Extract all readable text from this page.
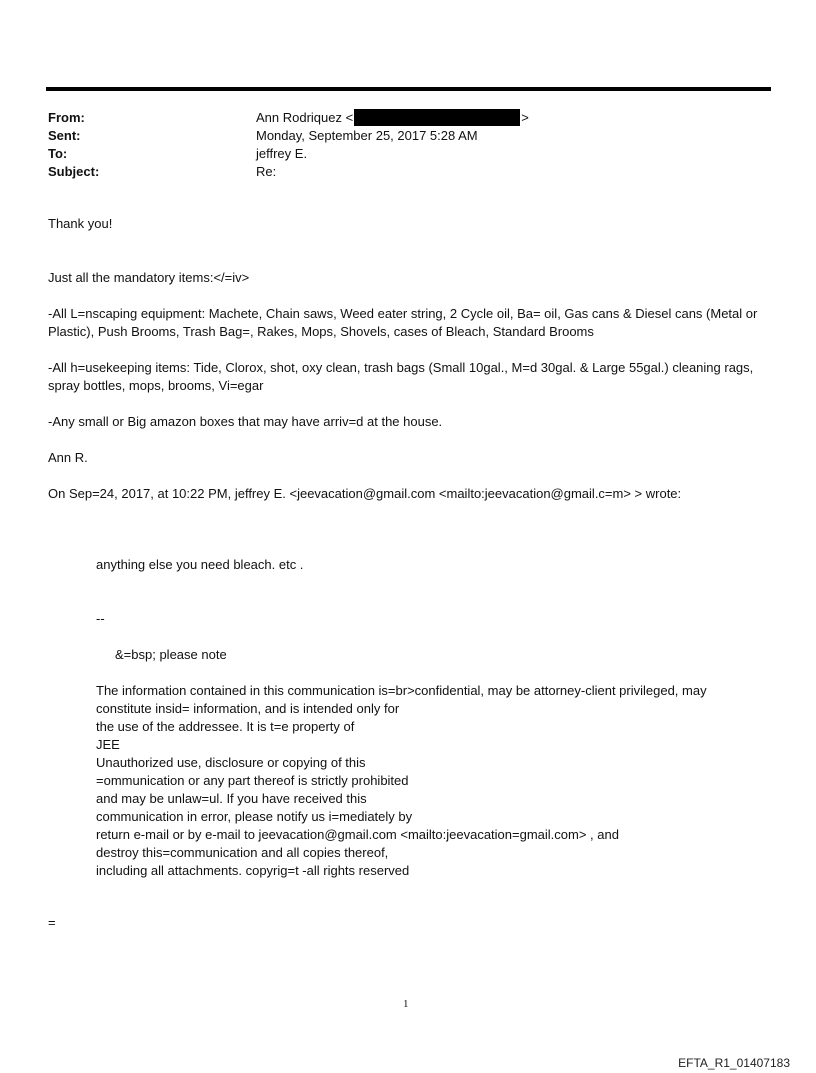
From:	Ann Rodriquez <	>
Sent:	Monday, September 25, 2017 5:28 AM
To:	jeffrey E.
Subject:	Re:

Thank you!

Just all the mandatory items:</=iv>

-All L=nscaping equipment: Machete, Chain saws, Weed eater string, 2 Cycle oil, Ba= oil, Gas cans & Diesel cans (Metal or Plastic), Push Brooms, Trash Bag=, Rakes, Mops, Shovels, cases of Bleach, Standard Brooms

-All h=usekeeping items: Tide, Clorox, shot, oxy clean, trash bags (Small 10gal., M=d 30gal. & Large 55gal.) cleaning rags, spray bottles, mops, brooms, Vi=egar

-Any small or Big amazon boxes that may have arriv=d at the house.

Ann R.

On Sep=24, 2017, at 10:22 PM, jeffrey E. <jeevacation@gmail.com <mailto:jeevacation@gmail.c=m> > wrote:

anything else you need bleach. etc .

--

&=bsp; please note

The information contained in this communication is=br>confidential, may be attorney-client privileged, may

constitute insid= information, and is intended only for

the use of the addressee. It is t=e property of

JEE

Unauthorized use, disclosure or copying of this

=ommunication or any part thereof is strictly prohibited

and may be unlaw=ul. If you have received this

communication in error, please notify us i=mediately by

return e-mail or by e-mail to jeevacation@gmail.com <mailto:jeevacation=gmail.com> , and

destroy this=communication and all copies thereof,

including all attachments. copyrig=t -all rights reserved

=
1
EFTA_R1_01407183
